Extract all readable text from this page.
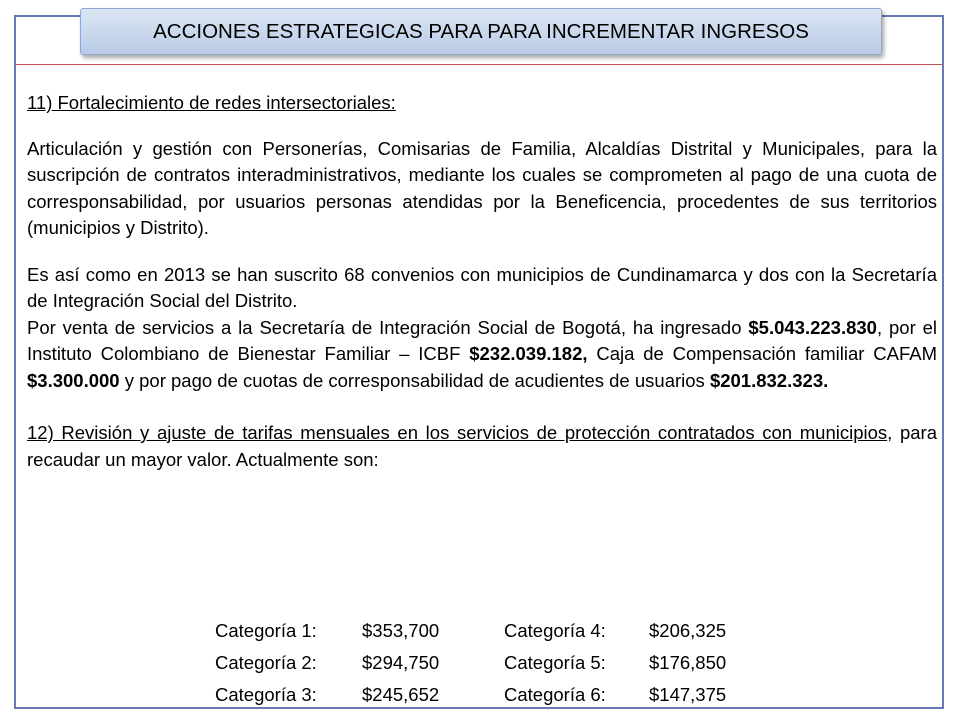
ACCIONES ESTRATEGICAS PARA PARA INCREMENTAR INGRESOS

11) Fortalecimiento de redes intersectoriales:

Articulación y gestión con Personerías, Comisarias de Familia, Alcaldías Distrital y Municipales, para la suscripción de contratos interadministrativos, mediante los cuales se comprometen al pago de una cuota de corresponsabilidad, por usuarios personas atendidas por la Beneficencia, procedentes de sus territorios (municipios y Distrito).

Es así como en 2013 se han suscrito 68 convenios con municipios de Cundinamarca y dos con la Secretaría de Integración Social del Distrito.

Por venta de servicios a la Secretaría de Integración Social de Bogotá, ha ingresado $5.043.223.830, por el Instituto Colombiano de Bienestar Familiar – ICBF $232.039.182, Caja de Compensación familiar CAFAM $3.300.000 y por pago de cuotas de corresponsabilidad de acudientes de usuarios $201.832.323.

12) Revisión y ajuste de tarifas mensuales en los servicios de protección contratados con municipios, para recaudar un mayor valor. Actualmente son:

Categoría 1:	$353,700	Categoría 4:	$206,325
Categoría 2:	$294,750	Categoría 5:	$176,850
Categoría 3:	$245,652	Categoría 6:	$147,375
